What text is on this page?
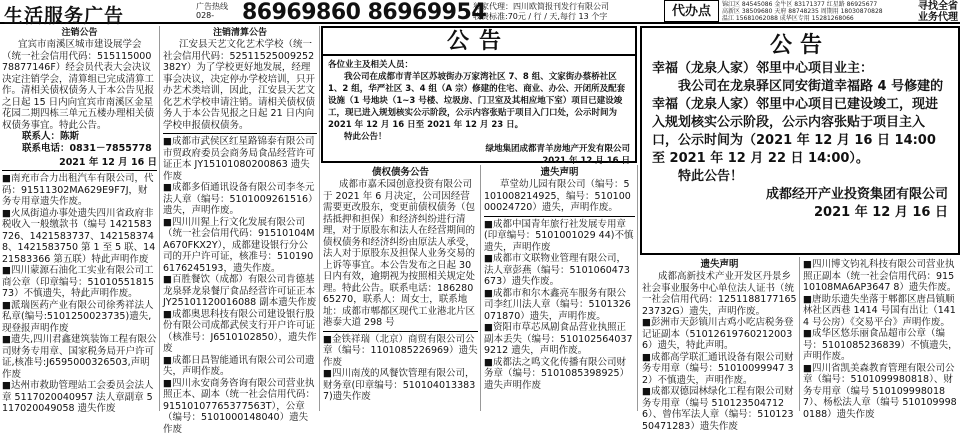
生活服务广告	广告热线 028-	86969860 86969954
独家代理：四川欧简报刊发行有限公司
收费标准:70元 / 行 / 天,每行 13 个字	代办点	锦江区 84545086 金牛区 83171377 红星路 86925677
高新区 38509680 天府 88748235 周期用 18030870828
温江 15681062088 成华区专用 15281268066
寻找全省
业务代理
注销公告
宜宾市南溪区城市建设展学会（统一社会信用代码：51511500078877146F）经会员代表大会决议决定注销学会，清算组已完成清算工作。清相关债权债务人于本公告见报之日起 15 日内向宜宾市南溪区金星花园二期四栋三单元五楼办理相关债权债务事宜。特此公告。
联系人：陈斯
联系电话：0831－7855778
2021 年 12 月 16 日

■南充市合力出租汽车有限公司，代码：91511302MA629E9F7J，财务专用章遗失作废。

■火凤街道办事处遗失四川省政府非税收入一般缴款书（编号 1421583726、1421583737、1421583748、1421583750 第 1 至 5 联、1421583366 第五联）特此声明作废

■四川蒙源石油化工实业有限公司工商公章（印章编号：5101055181573）不慎遗失，特此声明作废。

■派瑞医药产业有限公司徐秀祥法人私章(编号:5101250023735)遗失,现登报声明作废

■遗失,四川君鑫建筑装饰工程有限公司财务专用章、国家税务局开户许可证,核准号:J6595000326503,声明作废

■达州市救助管理站工会委员会法人章 5117020040957 法人章副章 5117020049058 遗失作废

注销清算公告
江安县天艺文化艺术学校（统一社会信用代码：52511525009252382Y）为了学校更好地发展，经理事会决议，决定停办学校培训，只开办艺术类培训，因此，江安县天艺文化艺术学校申请注销。请相关债权债务人于本公告见报之日起 21 日内向学校申报债权债务。

■成都市武侯区红星路锦泰有限公司市贸政府委员会商务局食品经营许可证正本 JY15101080200863 遗失作废

■成都多佰通讯设备有限公司李冬元法人章（编号：5101009261516）遗失，声明作废。

■四川川猩上行文化发展有限公司（统一社会信用代码：91510104MA670FKX2Y），成都建设银行分公司的开户许可证，核准号：5101906176245193，遗失作废。

■百胜餐饮（成都）有限公司肯德基龙泉驿龙泉餐厅食品经营许可证正本 JY25101120016088 副本遗失作废

■成都奥思科技有限公司建设银行股份有限公司成都武侯支行开户许可证（核准号：J6510102850），遗失作废

■成都日昌智能通讯有限公司公司遗失，声明作废。

■四川永安商务咨询有限公司营业执照正本、副本（统一社会信用代码：91510107765377563T），公章（编号：5101000148040）遗失作废

公告
各位业主及相关人员：
我公司在成都市青羊区苏坡街办万家湾社区 7、8 组、文家街办蔡桥社区 1、2 组，华严社区 3、4 组（A 宗）修建的住宅、商业、办公、开闭所及配套设施（1 号地块（1~3 号楼、垃圾房、门卫室及其相应地下室）项目已建设竣工，现已进入规划核实公示阶段，公示内容张贴于项目入门口处，公示时间为 2021 年 12 月 16 日至 2021 年 12 月 23 日。
特此公告！
绿地集团成都青羊房地产开发有限公司
2021 年 12 月 16 日
债权债务公告
成都市嘉禾园创意投资有限公司于 2021 年 6 月决定，公司因经营需要更改股东，变更前债权债务（包括抵押和担保）和经济纠纷进行清理，对于原股东和法人在经营期间的债权债务和经济纠纷由原法人承受，法人对于原股东及担保人业务交易的上诉等事宜。本公告发布之日起 30 日内有效，逾期视为按照相关规定处理。特此公告。联系电话：18628065270，联系人：周女士，联系地址：成都市郫都区现代工业港北片区港泰大道 298 号

■金铁祥瑞（北京）商贸有限公司公章（编号：1101085226969）遗失作废

■四川南茂的风餐饮管理有限公司，财务章(印章编号：5101040133837)遗失作废

遗失声明
草堂幼儿园有限公司（编号：5101008214925，编号：51010000024720）遗失，声明作废。

■成都中国青年旅行社发展专用章(印章编号：5101001029 44)不慎遗失，声明作废

■成都市文联物业管理有限公司，法人章彭燕（编号：5101060473673）遗失作废。

■成都市和尔木鑫亮车服务有限公司李红川法人章（编号：5101326071870）遗失，声明作废。

■资阳市草芯凤剧食品营业执照正副本丢失（编号：5101025640379212 遗失，声明作废。

■成都法之鸣文化传播有限公司财务章（编号：5101085398925）遗失声明作废

公告
幸福（龙泉人家）邻里中心项目业主：
我公司在龙泉驿区同安街道幸福路 4 号修建的幸福（龙泉人家）邻里中心项目已建设竣工，现进入规划核实公示阶段，公示内容张贴于项目主入口，公示时间为（2021 年 12 月 16 日 14:00 至 2021 年 12 月 22 日 14:00）。
特此公告！
成都经开产业投资集团有限公司
2021 年 12 月 16 日
遗失声明
成都高新技术产业开发区丹景乡社会事业服务中心单位法人证书（统一社会信用代码：125118817716523732G）遗失，声明作废。

■彭洲市天彭镇川古鸡小吃店税务登记证副本（510126197602120036）遗失，特此声明。

■成都高学联汇通讯设备有限公司财务专用章（编号：51010099947 32）不慎遗失，声明作废。

■成都双德园林绿化工程有限公司财务专用章（编号 5101235047126）、曾伟军法人章（编号：51012350471283）遗失作废

■四川博文钧礼科技有限公司营业执照正副本（统一社会信用代码：91510108MA6AP3647 8）遗失作废。

■唐助乐遗失坐落于郫都区唐昌镇顺林社区西巷 1414 号国有出让（1414 号公房）《交易平台》声明作废。

■成华区悠乐丽食品超市公章（编号：5101085236839）不慎遗失，声明作废。

■四川省凯美森教育管理有限公司公章（编号：5101099980818）、财务专用章（编号 5101099980187）、杨松法人章（编号 5101099980188）遗失作废
